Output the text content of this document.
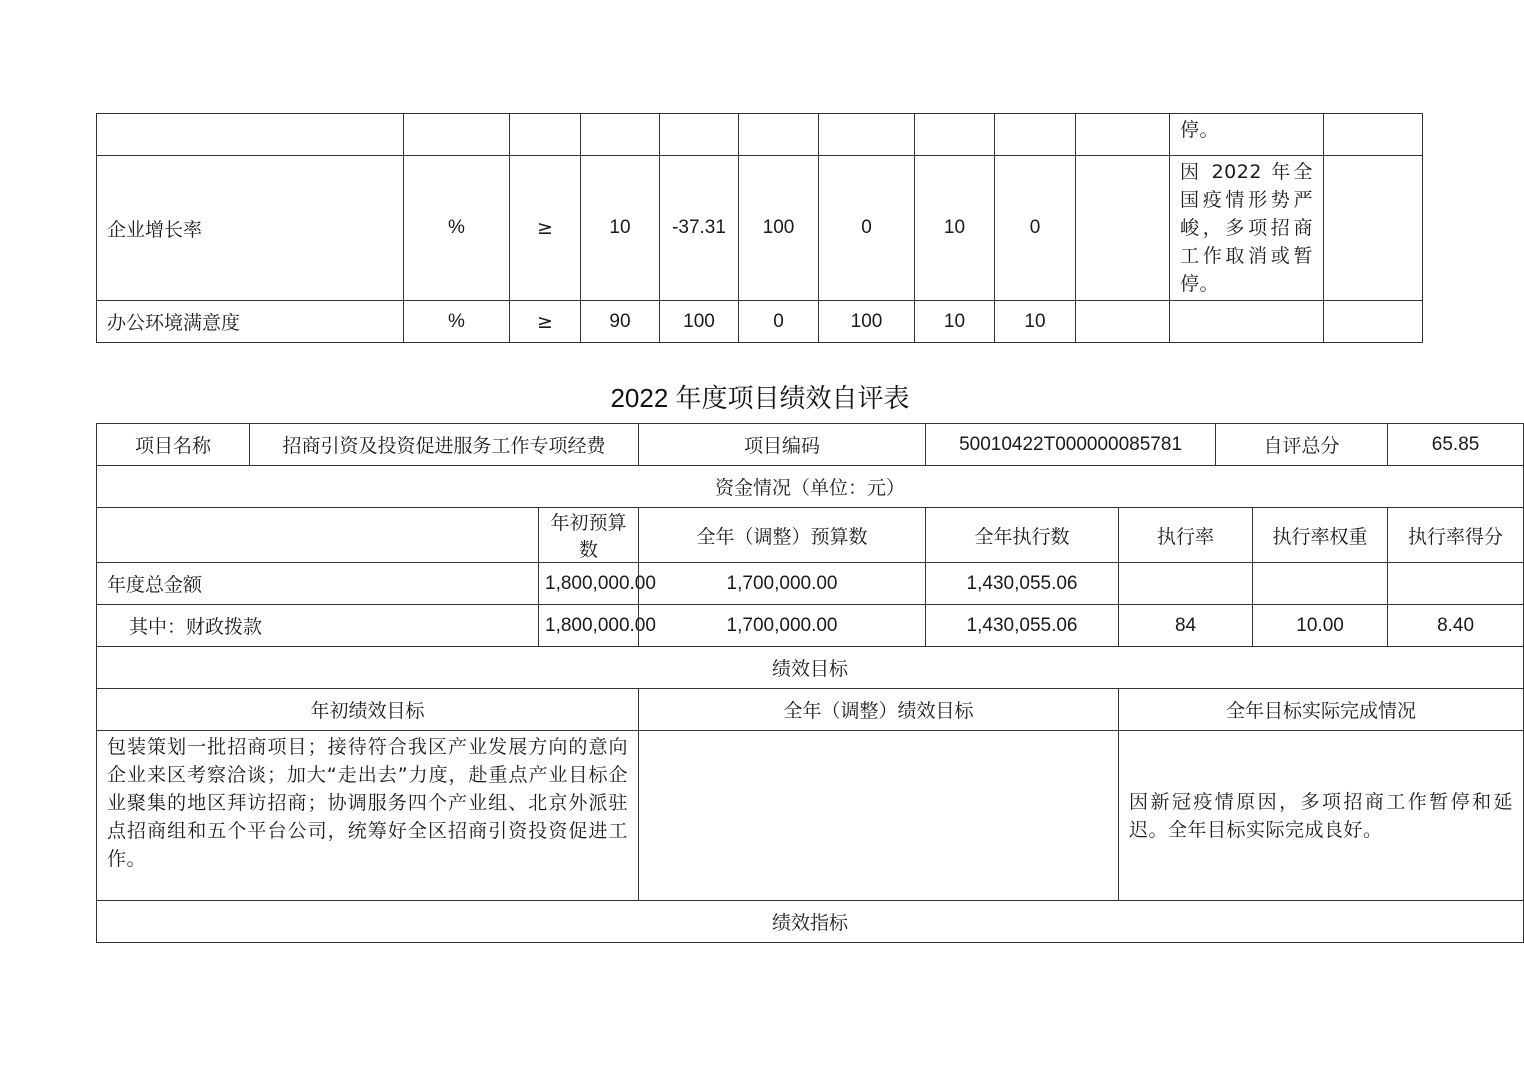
										停。	
企业增长率	%	≥	10	-37.31	100	0	10	0		因 2022 年全国疫情形势严峻，多项招商工作取消或暂停。	
办公环境满意度	%	≥	90	100	0	100	10	10			
2022 年度项目绩效自评表
项目名称	招商引资及投资促进服务工作专项经费		项目编码	50010422T000000085781		自评总分		65.85
资金情况（单位：元）								
		年初预算数	全年（调整）预算数	全年执行数	执行率		执行率权重	执行率得分
年度总金额		1,800,000.00	1,700,000.00	1,430,055.06				
其中：财政拨款		1,800,000.00	1,700,000.00	1,430,055.06	84		10.00	8.40
绩效目标								
年初绩效目标			全年（调整）绩效目标		全年目标实际完成情况			
包装策划一批招商项目；接待符合我区产业发展方向的意向企业来区考察洽谈；加大“走出去”力度，赴重点产业目标企业聚集的地区拜访招商；协调服务四个产业组、北京外派驻点招商组和五个平台公司，统筹好全区招商引资投资促进工作。					因新冠疫情原因，多项招商工作暂停和延迟。全年目标实际完成良好。			
绩效指标								
